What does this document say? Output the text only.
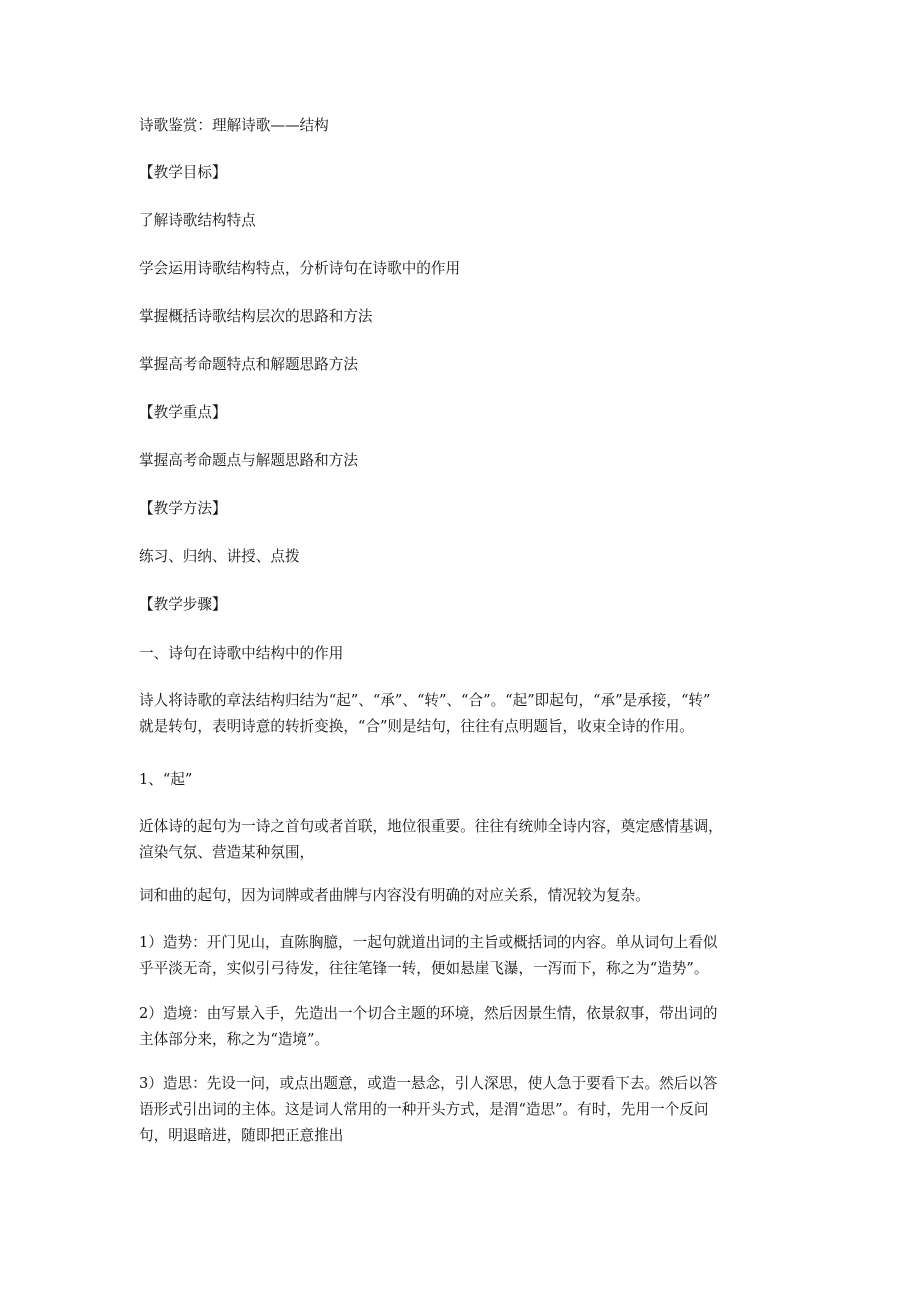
诗歌鉴赏：理解诗歌——结构

【教学目标】

了解诗歌结构特点

学会运用诗歌结构特点，分析诗句在诗歌中的作用

掌握概括诗歌结构层次的思路和方法

掌握高考命题特点和解题思路方法

【教学重点】

掌握高考命题点与解题思路和方法

【教学方法】

练习、归纳、讲授、点拨

【教学步骤】

一、诗句在诗歌中结构中的作用

诗人将诗歌的章法结构归结为“起”、“承”、“转”、“合”。“起”即起句，“承”是承接，“转”
就是转句，表明诗意的转折变换，“合”则是结句，往往有点明题旨，收束全诗的作用。

1、“起”

近体诗的起句为一诗之首句或者首联，地位很重要。往往有统帅全诗内容，奠定感情基调，
渲染气氛、营造某种氛围，

词和曲的起句，因为词牌或者曲牌与内容没有明确的对应关系，情况较为复杂。

1）造势：开门见山，直陈胸臆，一起句就道出词的主旨或概括词的内容。单从词句上看似
乎平淡无奇，实似引弓待发，往往笔锋一转，便如悬崖飞瀑，一泻而下，称之为“造势”。

2）造境：由写景入手，先造出一个切合主题的环境，然后因景生情，依景叙事，带出词的
主体部分来，称之为“造境”。

3）造思：先设一问，或点出题意，或造一悬念，引人深思，使人急于要看下去。然后以答
语形式引出词的主体。这是词人常用的一种开头方式，是渭“造思”。有时，先用一个反问
句，明退暗进，随即把正意推出
